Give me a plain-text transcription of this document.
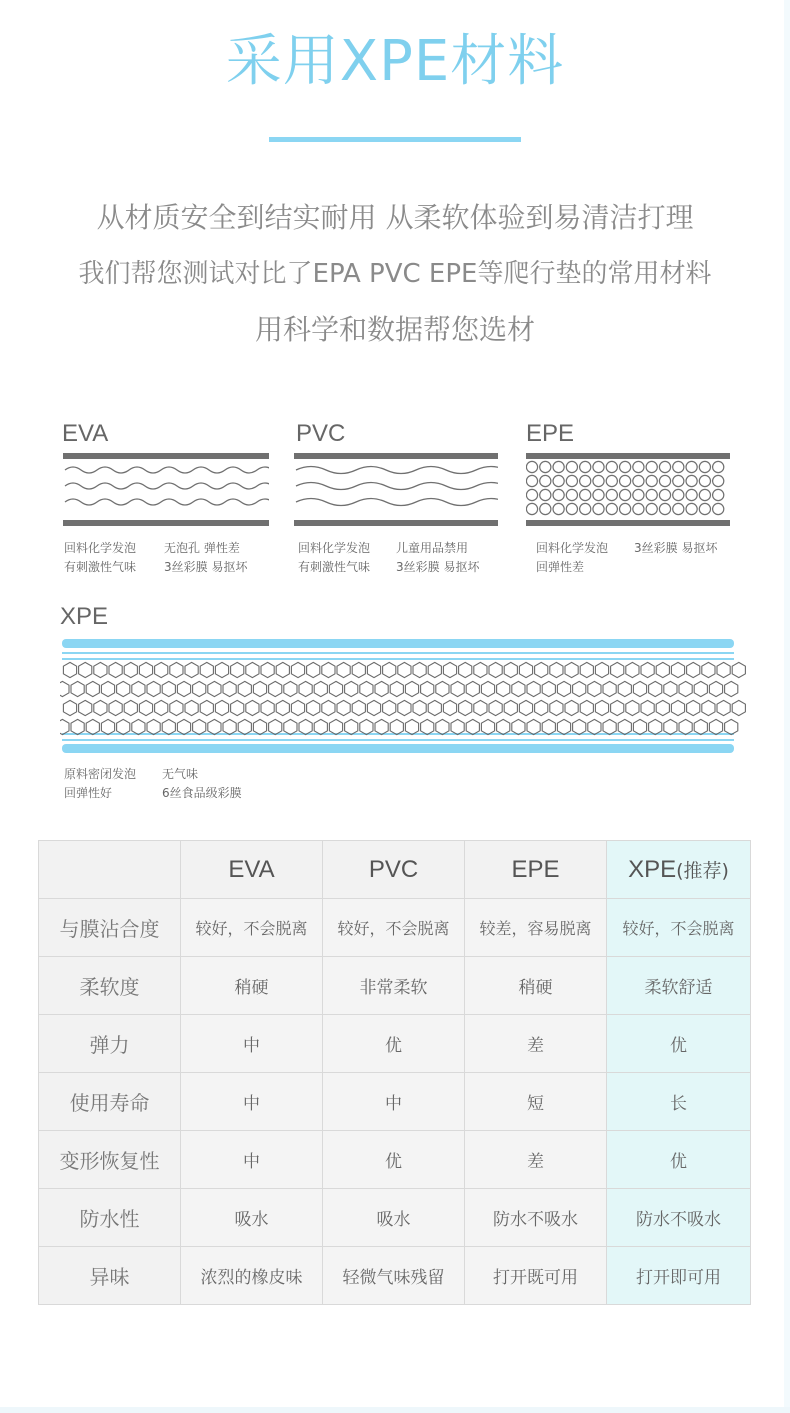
采用XPE材料
从材质安全到结实耐用 从柔软体验到易清洁打理
我们帮您测试对比了EPA PVC EPE等爬行垫的常用材料
用科学和数据帮您选材
EVA
回料化学发泡
有刺激性气味
无泡孔 弹性差
3丝彩膜 易抠坏
PVC
回料化学发泡
有刺激性气味
儿童用品禁用
3丝彩膜 易抠坏
EPE
回料化学发泡
回弹性差
3丝彩膜 易抠坏
XPE
原料密闭发泡
回弹性好
无气味
6丝食品级彩膜
	EVA	PVC	EPE	XPE(推荐)
与膜沾合度	较好，不会脱离	较好，不会脱离	较差，容易脱离	较好，不会脱离
柔软度	稍硬	非常柔软	稍硬	柔软舒适
弹力	中	优	差	优
使用寿命	中	中	短	长
变形恢复性	中	优	差	优
防水性	吸水	吸水	防水不吸水	防水不吸水
异味	浓烈的橡皮味	轻微气味残留	打开既可用	打开即可用
